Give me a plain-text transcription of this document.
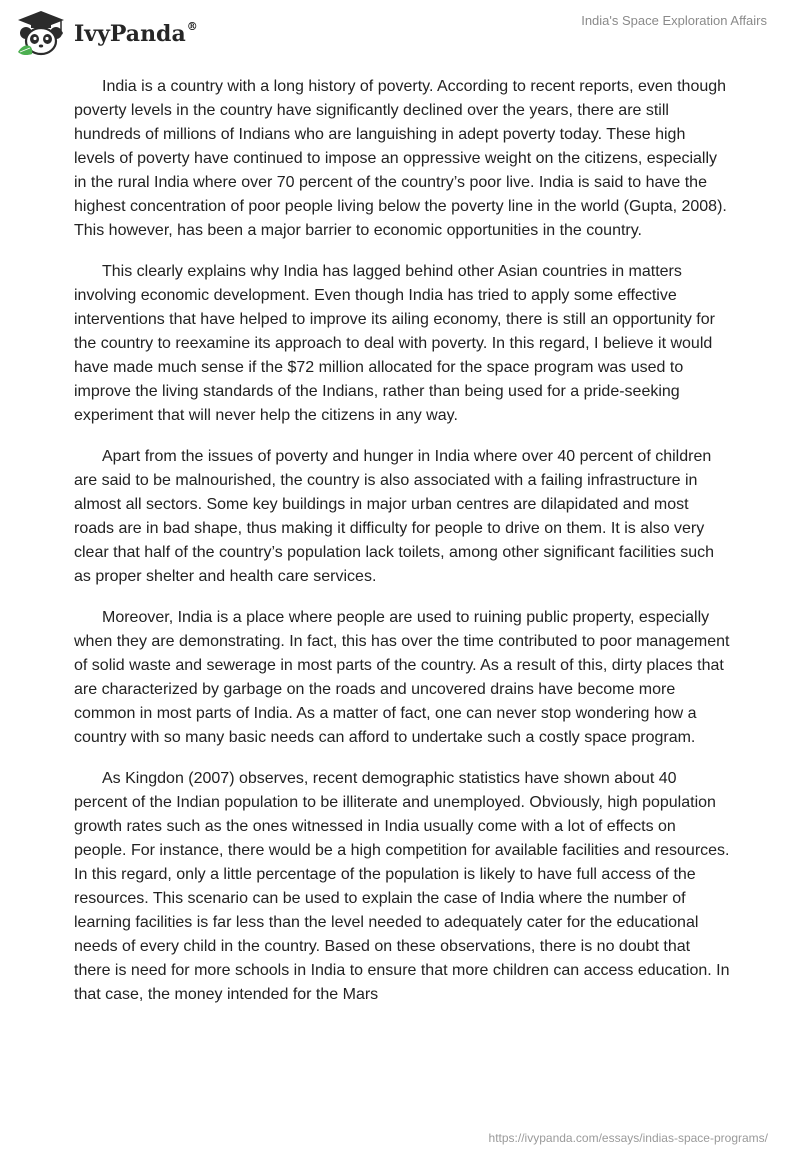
IvyPanda®	India's Space Exploration Affairs

India is a country with a long history of poverty. According to recent reports, even though poverty levels in the country have significantly declined over the years, there are still hundreds of millions of Indians who are languishing in adept poverty today. These high levels of poverty have continued to impose an oppressive weight on the citizens, especially in the rural India where over 70 percent of the country’s poor live. India is said to have the highest concentration of poor people living below the poverty line in the world (Gupta, 2008). This however, has been a major barrier to economic opportunities in the country.

This clearly explains why India has lagged behind other Asian countries in matters involving economic development. Even though India has tried to apply some effective interventions that have helped to improve its ailing economy, there is still an opportunity for the country to reexamine its approach to deal with poverty. In this regard, I believe it would have made much sense if the $72 million allocated for the space program was used to improve the living standards of the Indians, rather than being used for a pride-seeking experiment that will never help the citizens in any way.

Apart from the issues of poverty and hunger in India where over 40 percent of children are said to be malnourished, the country is also associated with a failing infrastructure in almost all sectors. Some key buildings in major urban centres are dilapidated and most roads are in bad shape, thus making it difficulty for people to drive on them. It is also very clear that half of the country’s population lack toilets, among other significant facilities such as proper shelter and health care services.

Moreover, India is a place where people are used to ruining public property, especially when they are demonstrating. In fact, this has over the time contributed to poor management of solid waste and sewerage in most parts of the country. As a result of this, dirty places that are characterized by garbage on the roads and uncovered drains have become more common in most parts of India. As a matter of fact, one can never stop wondering how a country with so many basic needs can afford to undertake such a costly space program.

As Kingdon (2007) observes, recent demographic statistics have shown about 40 percent of the Indian population to be illiterate and unemployed. Obviously, high population growth rates such as the ones witnessed in India usually come with a lot of effects on people. For instance, there would be a high competition for available facilities and resources. In this regard, only a little percentage of the population is likely to have full access of the resources. This scenario can be used to explain the case of India where the number of learning facilities is far less than the level needed to adequately cater for the educational needs of every child in the country. Based on these observations, there is no doubt that there is need for more schools in India to ensure that more children can access education. In that case, the money intended for the Mars

https://ivypanda.com/essays/indias-space-programs/
